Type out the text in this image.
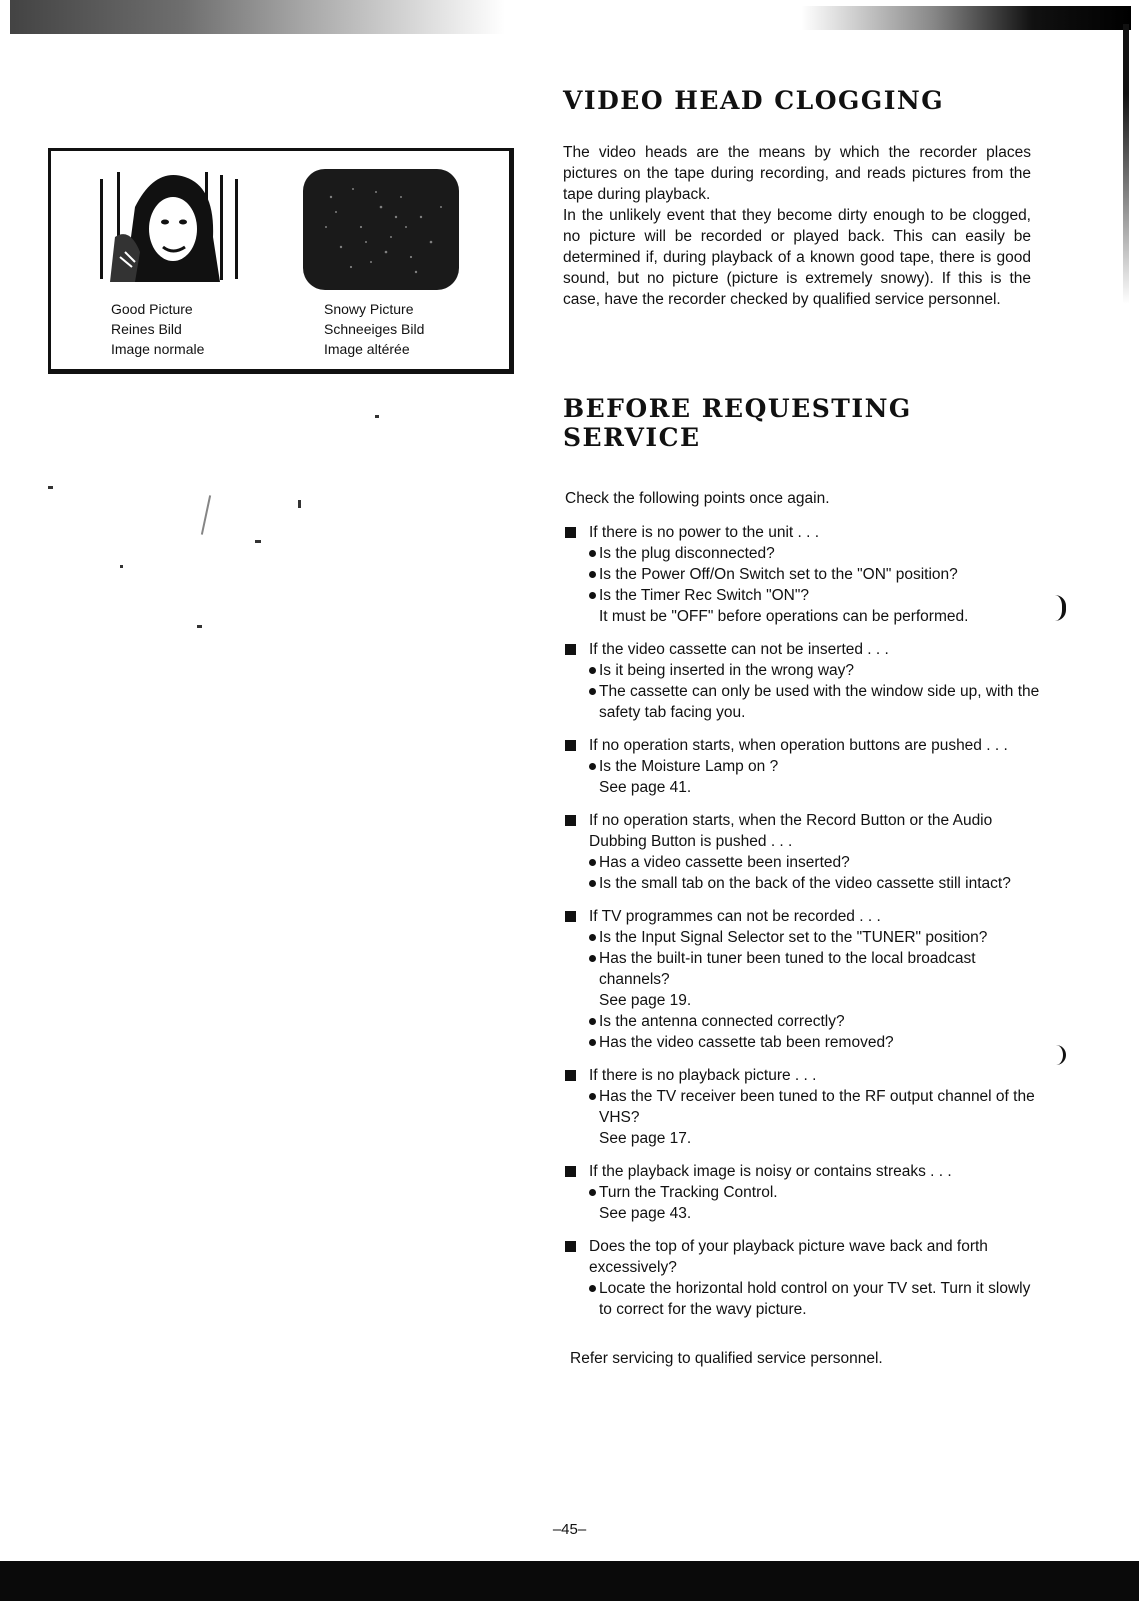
Good Picture
Reines Bild
Image normale
Snowy Picture
Schneeiges Bild
Image altérée
VIDEO HEAD CLOGGING

The video heads are the means by which the recorder places pictures on the tape during recording, and reads pictures from the tape during playback.

In the unlikely event that they become dirty enough to be clogged, no picture will be recorded or played back. This can easily be determined if, during playback of a known good tape, there is good sound, but no picture (picture is extremely snowy). If this is the case, have the recorder checked by qualified service personnel.

BEFORE REQUESTING
SERVICE
Check the following points once again.
If there is no power to the unit . . .
Is the plug disconnected?
Is the Power Off/On Switch set to the "ON" position?
Is the Timer Rec Switch "ON"?
It must be "OFF" before operations can be performed.
If the video cassette can not be inserted . . .
Is it being inserted in the wrong way?
The cassette can only be used with the window side up, with the safety tab facing you.
If no operation starts, when operation buttons are pushed . . .
Is the Moisture Lamp on ?
See page 41.
If no operation starts, when the Record Button or the Audio Dubbing Button is pushed . . .
Has a video cassette been inserted?
Is the small tab on the back of the video cassette still intact?
If TV programmes can not be recorded . . .
Is the Input Signal Selector set to the "TUNER" position?
Has the built-in tuner been tuned to the local broadcast channels?
See page 19.
Is the antenna connected correctly?
Has the video cassette tab been removed?
If there is no playback picture . . .
Has the TV receiver been tuned to the RF output channel of the VHS?
See page 17.
If the playback image is noisy or contains streaks . . .
Turn the Tracking Control.
See page 43.
Does the top of your playback picture wave back and forth excessively?
Locate the horizontal hold control on your TV set. Turn it slowly to correct for the wavy picture.
Refer servicing to qualified service personnel.
–45–
